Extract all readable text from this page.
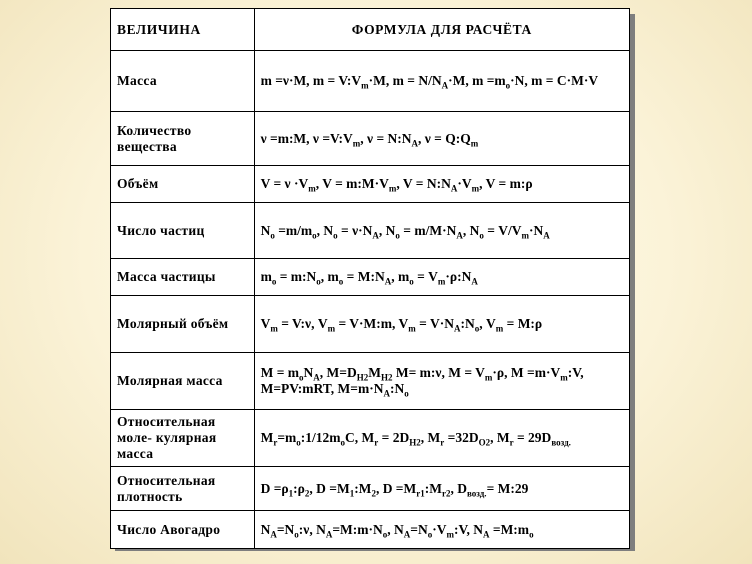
ВЕЛИЧИНА	ФОРМУЛА ДЛЯ РАСЧЁТА
Масса	m =ν·M, $m = V:V_m\cdot M$, $m = N/N_A\cdot M$, $m =m_о\cdot N$, m = C·M·V
Количество вещества	ν =m:M, $\nu =V:V_m$, $\nu = N:N_A$, $\nu = Q:Q_m$
Объём	$V = \nu \cdot V_m$, $V = m:M\cdot V_m$, $V = N:N_A\cdot V_m$, V = m:ρ
Число частиц	$N_о =m/m_о$, $N_о = \nu\cdot N_A$, $N_о = m/M\cdot N_A$, $N_о = V/V_m\cdot N_A$
Масса частицы	$m_о$ = $m:N_о$, $m_о$ = $M:N_A$, $m_о$ = $V_m\cdot\rho:N_A$
Молярный объём	$V_m$ = V:ν, $V_m$ = V·M:m, $V_m$ = $V\cdot N_A:N_о$, $V_m$ = M:ρ
Молярная масса	$M = m_оN_A$, $M=D_{H2}M_{H2}$ M= m:ν, $M = V_m\cdot\rho$, $M =m\cdot V_m:V$, M=PV:mRT, $M=m\cdot N_A:N_о$
Относительная моле- кулярная масса	$M_r=m_о:1/12m_оC$, $M_r = 2D_{H2}$, $M_r =32D_{O2}$, $M_r = 29D_{возд.}$
Относительная плотность	$D =\rho_1:\rho_2$, $D =M_1:M_2$, $D =M_{r1}:M_{r2}$, $D_{возд.}=$ M:29
Число Авогадро	$N_A=N_о:\nu$, $N_A=M:m\cdot N_о$, $N_A=N_о\cdot V_m:V$, $N_A$ $=M:m_о$
